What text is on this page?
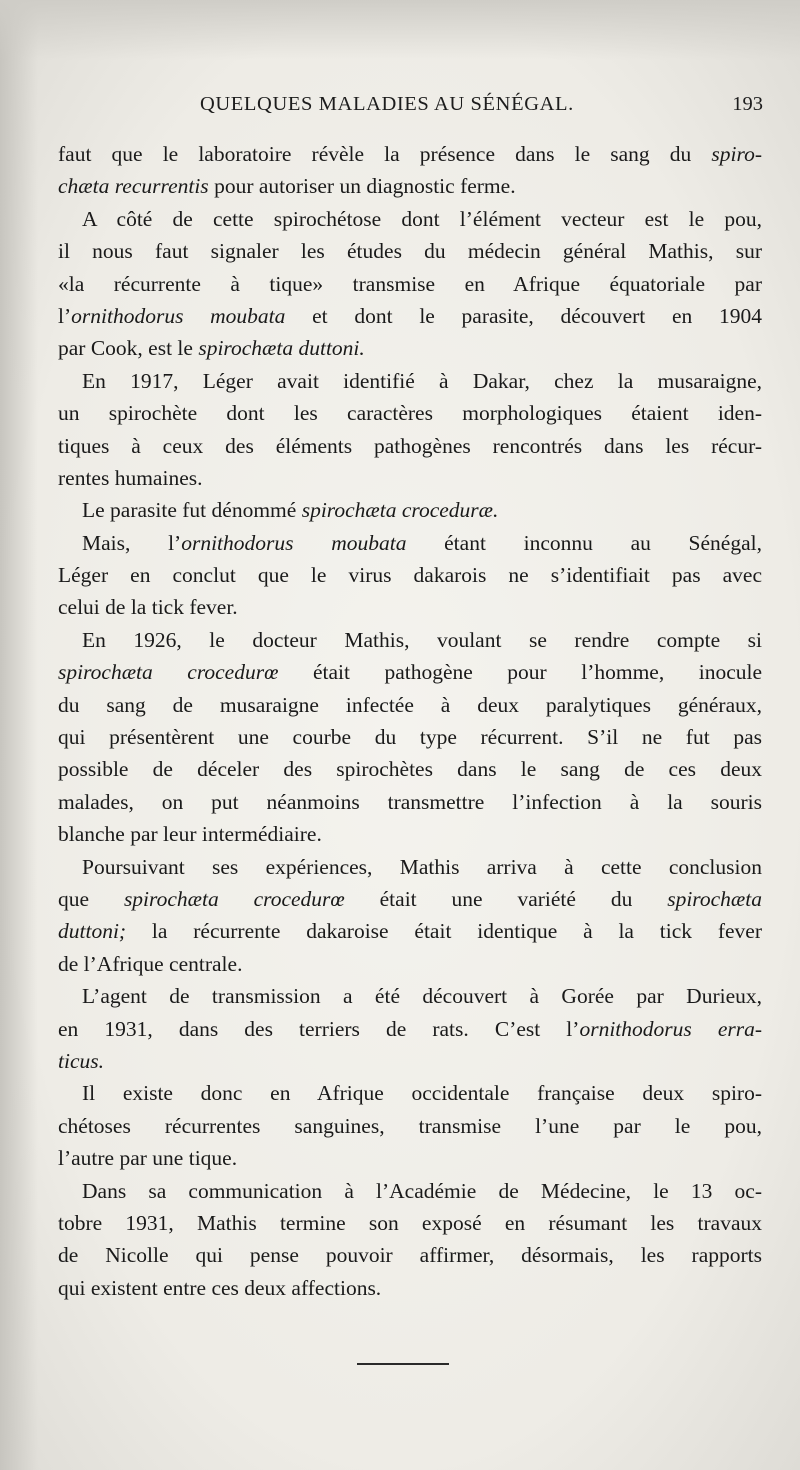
QUELQUES MALADIES AU SÉNÉGAL.	193
faut que le laboratoire révèle la présence dans le sang du spiro-
chæta recurrentis pour autoriser un diagnostic ferme.
A côté de cette spirochétose dont l’élément vecteur est le pou,
il nous faut signaler les études du médecin général Mathis, sur
«la récurrente à tique» transmise en Afrique équatoriale par
l’ornithodorus moubata et dont le parasite, découvert en 1904
par Cook, est le spirochæta duttoni.
En 1917, Léger avait identifié à Dakar, chez la musaraigne,
un spirochète dont les caractères morphologiques étaient iden-
tiques à ceux des éléments pathogènes rencontrés dans les récur-
rentes humaines.
Le parasite fut dénommé spirochæta croceduræ.
Mais, l’ornithodorus moubata étant inconnu au Sénégal,
Léger en conclut que le virus dakarois ne s’identifiait pas avec
celui de la tick fever.
En 1926, le docteur Mathis, voulant se rendre compte si
spirochæta crocedurœ était pathogène pour l’homme, inocule
du sang de musaraigne infectée à deux paralytiques généraux,
qui présentèrent une courbe du type récurrent. S’il ne fut pas
possible de déceler des spirochètes dans le sang de ces deux
malades, on put néanmoins transmettre l’infection à la souris
blanche par leur intermédiaire.
Poursuivant ses expériences, Mathis arriva à cette conclusion
que spirochæta crocedurœ était une variété du spirochæta
duttoni; la récurrente dakaroise était identique à la tick fever
de l’Afrique centrale.
L’agent de transmission a été découvert à Gorée par Durieux,
en 1931, dans des terriers de rats. C’est l’ornithodorus erra-
ticus.
Il existe donc en Afrique occidentale française deux spiro-
chétoses récurrentes sanguines, transmise l’une par le pou,
l’autre par une tique.
Dans sa communication à l’Académie de Médecine, le 13 oc-
tobre 1931, Mathis termine son exposé en résumant les travaux
de Nicolle qui pense pouvoir affirmer, désormais, les rapports
qui existent entre ces deux affections.
